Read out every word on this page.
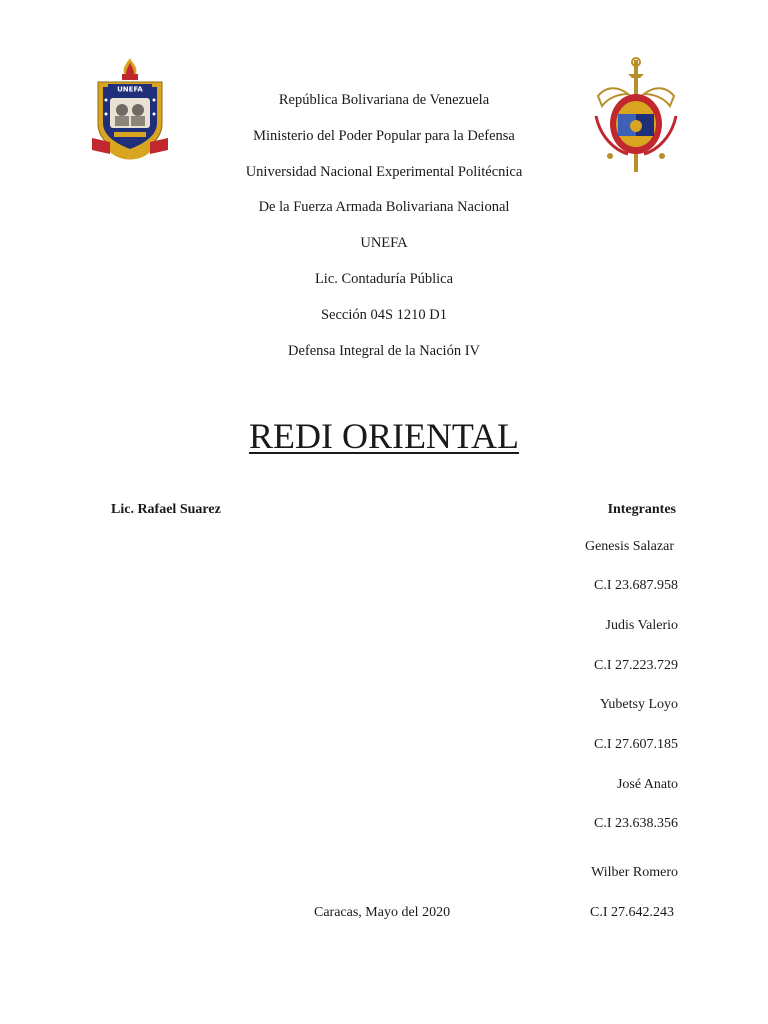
UNEFA
República Bolivariana de Venezuela
Ministerio del Poder Popular para la Defensa
Universidad Nacional Experimental Politécnica
De la Fuerza Armada Bolivariana Nacional
UNEFA
Lic. Contaduría Pública
Sección 04S 1210 D1
Defensa Integral de la Nación IV
REDI ORIENTAL
Lic. Rafael Suarez	Integrantes
Genesis Salazar
C.I 23.687.958
Judis Valerio
C.I 27.223.729
Yubetsy Loyo
C.I 27.607.185
José Anato
C.I 23.638.356
Wilber Romero
C.I 27.642.243
Caracas, Mayo del 2020
